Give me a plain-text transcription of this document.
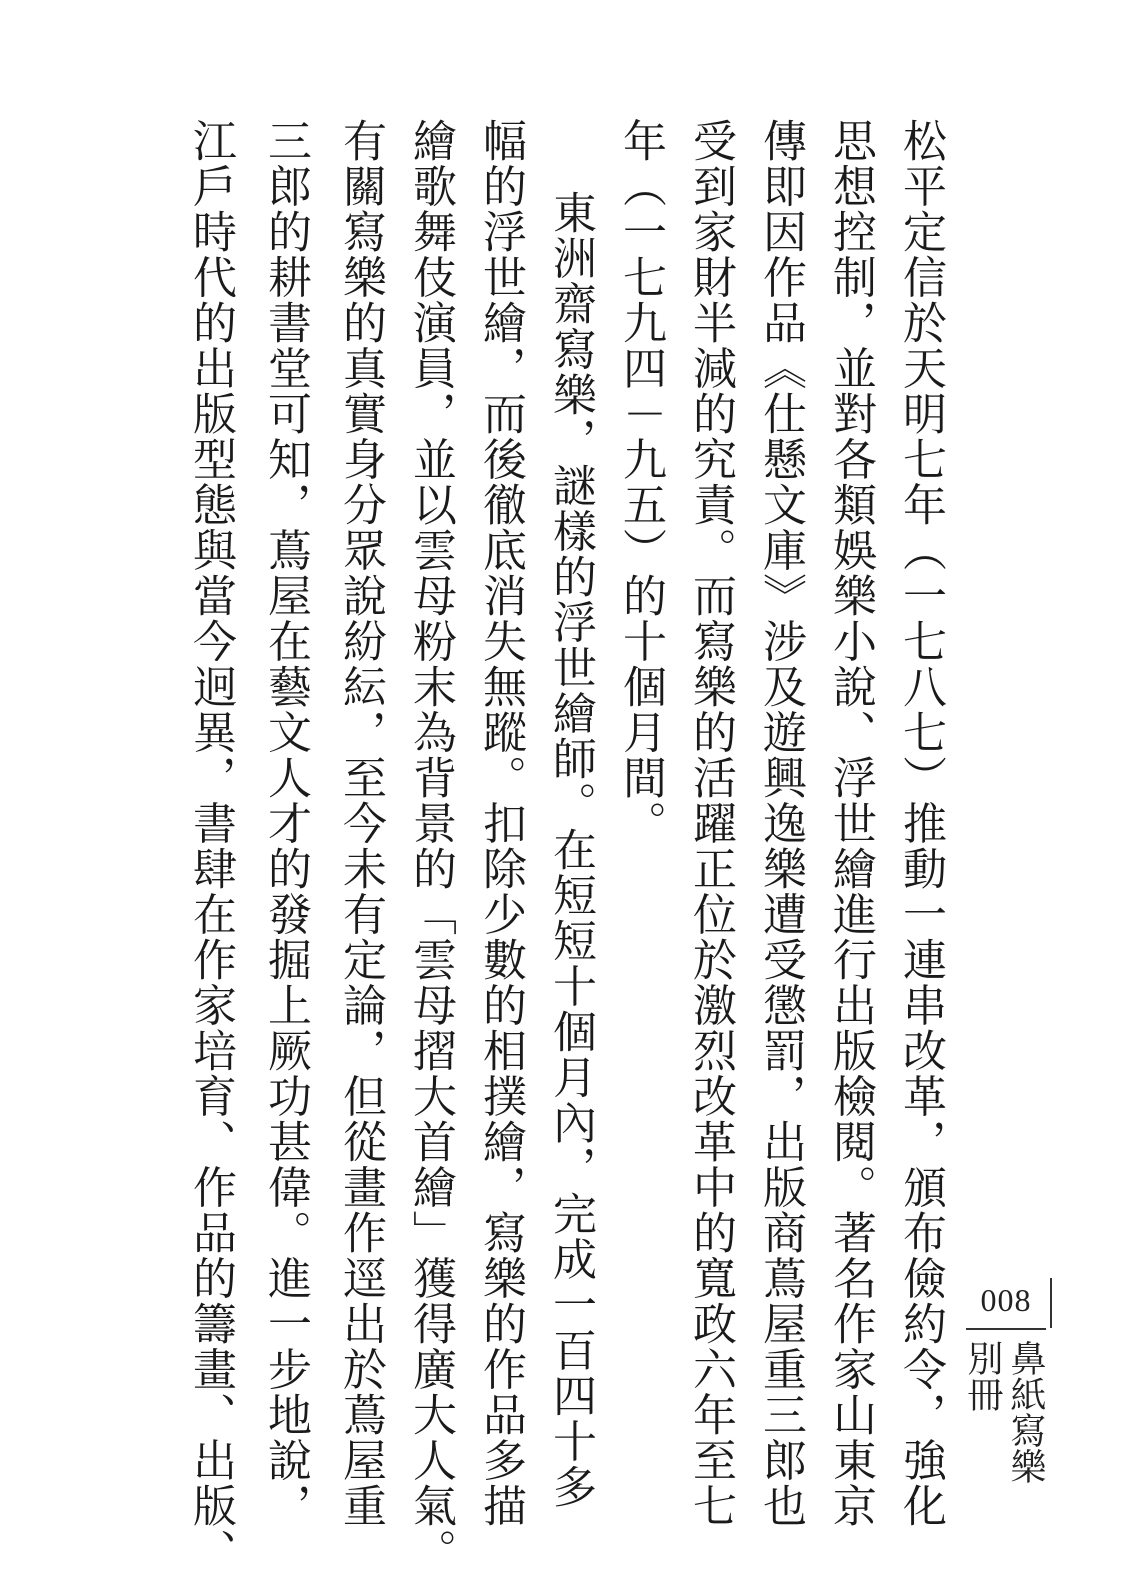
松平定信於天明七年（一七八七）推動一連串改革，頒布儉約令，強化
思想控制，並對各類娛樂小說、浮世繪進行出版檢閱。著名作家山東京
傳即因作品《仕懸文庫》涉及遊興逸樂遭受懲罰，出版商蔦屋重三郎也
受到家財半減的究責。而寫樂的活躍正位於激烈改革中的寬政六年至七
年（一七九四－九五）的十個月間。
東洲齋寫樂，謎樣的浮世繪師。在短短十個月內，完成一百四十多
幅的浮世繪，而後徹底消失無蹤。扣除少數的相撲繪，寫樂的作品多描
繪歌舞伎演員，並以雲母粉末為背景的「雲母摺大首繪」獲得廣大人氣。
有關寫樂的真實身分眾說紛紜，至今未有定論，但從畫作逕出於蔦屋重
三郎的耕書堂可知，蔦屋在藝文人才的發掘上厥功甚偉。進一步地說，
江戶時代的出版型態與當今迥異，書肆在作家培育、作品的籌畫、出版、	008
鼻紙寫樂
別冊
